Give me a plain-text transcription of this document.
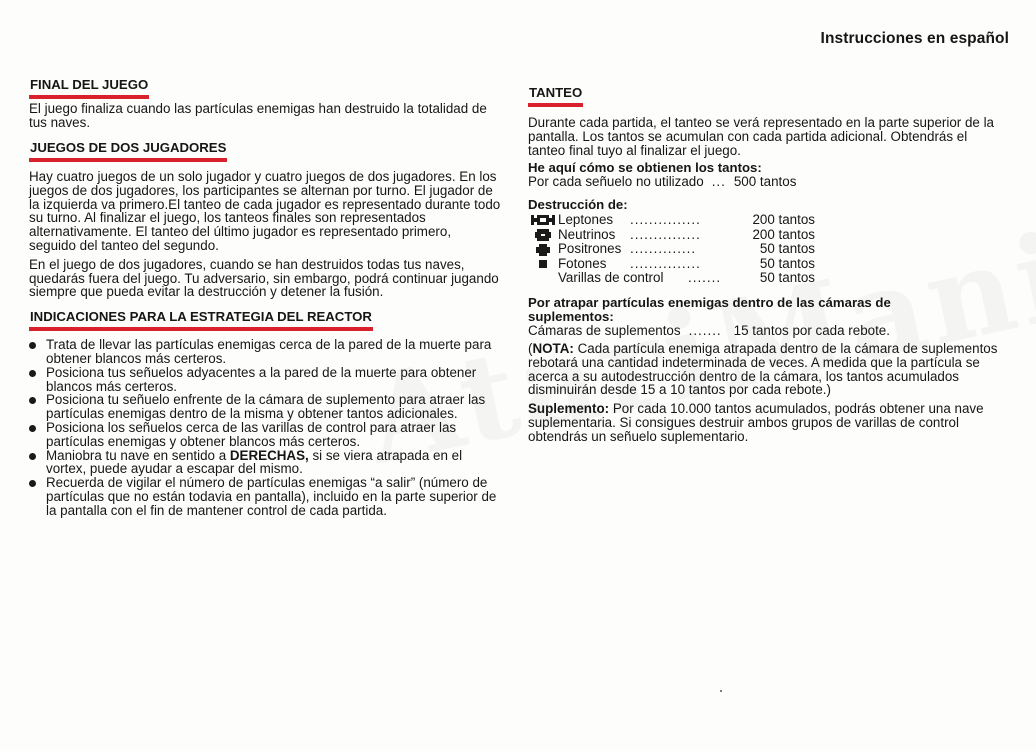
Instrucciones en español
FINAL DEL JUEGO

El juego finaliza cuando las partículas enemigas han destruido la totalidad de tus naves.

JUEGOS DE DOS JUGADORES

Hay cuatro juegos de un solo jugador y cuatro juegos de dos jugadores. En los juegos de dos jugadores, los participantes se alternan por turno. El jugador de la izquierda va primero.El tanteo de cada jugador es representado durante todo su turno. Al finalizar el juego, los tanteos finales son representados alternativamente. El tanteo del último jugador es representado primero, seguido del tanteo del segundo.

En el juego de dos jugadores, cuando se han destruidos todas tus naves, quedarás fuera del juego. Tu adversario, sin embargo, podrá continuar jugando siempre que pueda evitar la destrucción y detener la fusión.

INDICACIONES PARA LA ESTRATEGIA DEL REACTOR
Trata de llevar las partículas enemigas cerca de la pared de la muerte para obtener blancos más certeros.
Posiciona tus señuelos adyacentes a la pared de la muerte para obtener blancos más certeros.
Posiciona tu señuelo enfrente de la cámara de suplemento para atraer las partículas enemigas dentro de la misma y obtener tantos adicionales.
Posiciona los señuelos cerca de las varillas de control para atraer las partículas enemigas y obtener blancos más certeros.
Maniobra tu nave en sentido a DERECHAS, si se viera atrapada en el vortex, puede ayudar a escapar del mismo.
Recuerda de vigilar el número de partículas enemigas “a salir” (número de partículas que no están todavia en pantalla), incluido en la parte superior de la pantalla con el fin de mantener control de cada partida.
TANTEO

Durante cada partida, el tanteo se verá representado en la parte superior de la pantalla. Los tantos se acumulan con cada partida adicional. Obtendrás el tanteo final tuyo al finalizar el juego.

He aquí cómo se obtienen los tantos:

Por cada señuelo no utilizado ... 500 tantos

Destrucción de:

Leptones	...............	200 tantos
Neutrinos	...............	200 tantos
Positrones ..............	50 tantos
Fotones	...............	50 tantos
Varillas de control	.......	50 tantos

Por atrapar partículas enemigas dentro de las cámaras de suplementos:

Cámaras de suplementos ....... 15 tantos por cada rebote.

(NOTA: Cada partícula enemiga atrapada dentro de la cámara de suplementos rebotará una cantidad indeterminada de veces. A medida que la partícula se acerca a su autodestrucción dentro de la cámara, los tantos acumulados disminuirán desde 15 a 10 tantos por cada rebote.)

Suplemento: Por cada 10.000 tantos acumulados, podrás obtener una nave suplementaria. Si consigues destruir ambos grupos de varillas de control obtendrás un señuelo suplementario.
